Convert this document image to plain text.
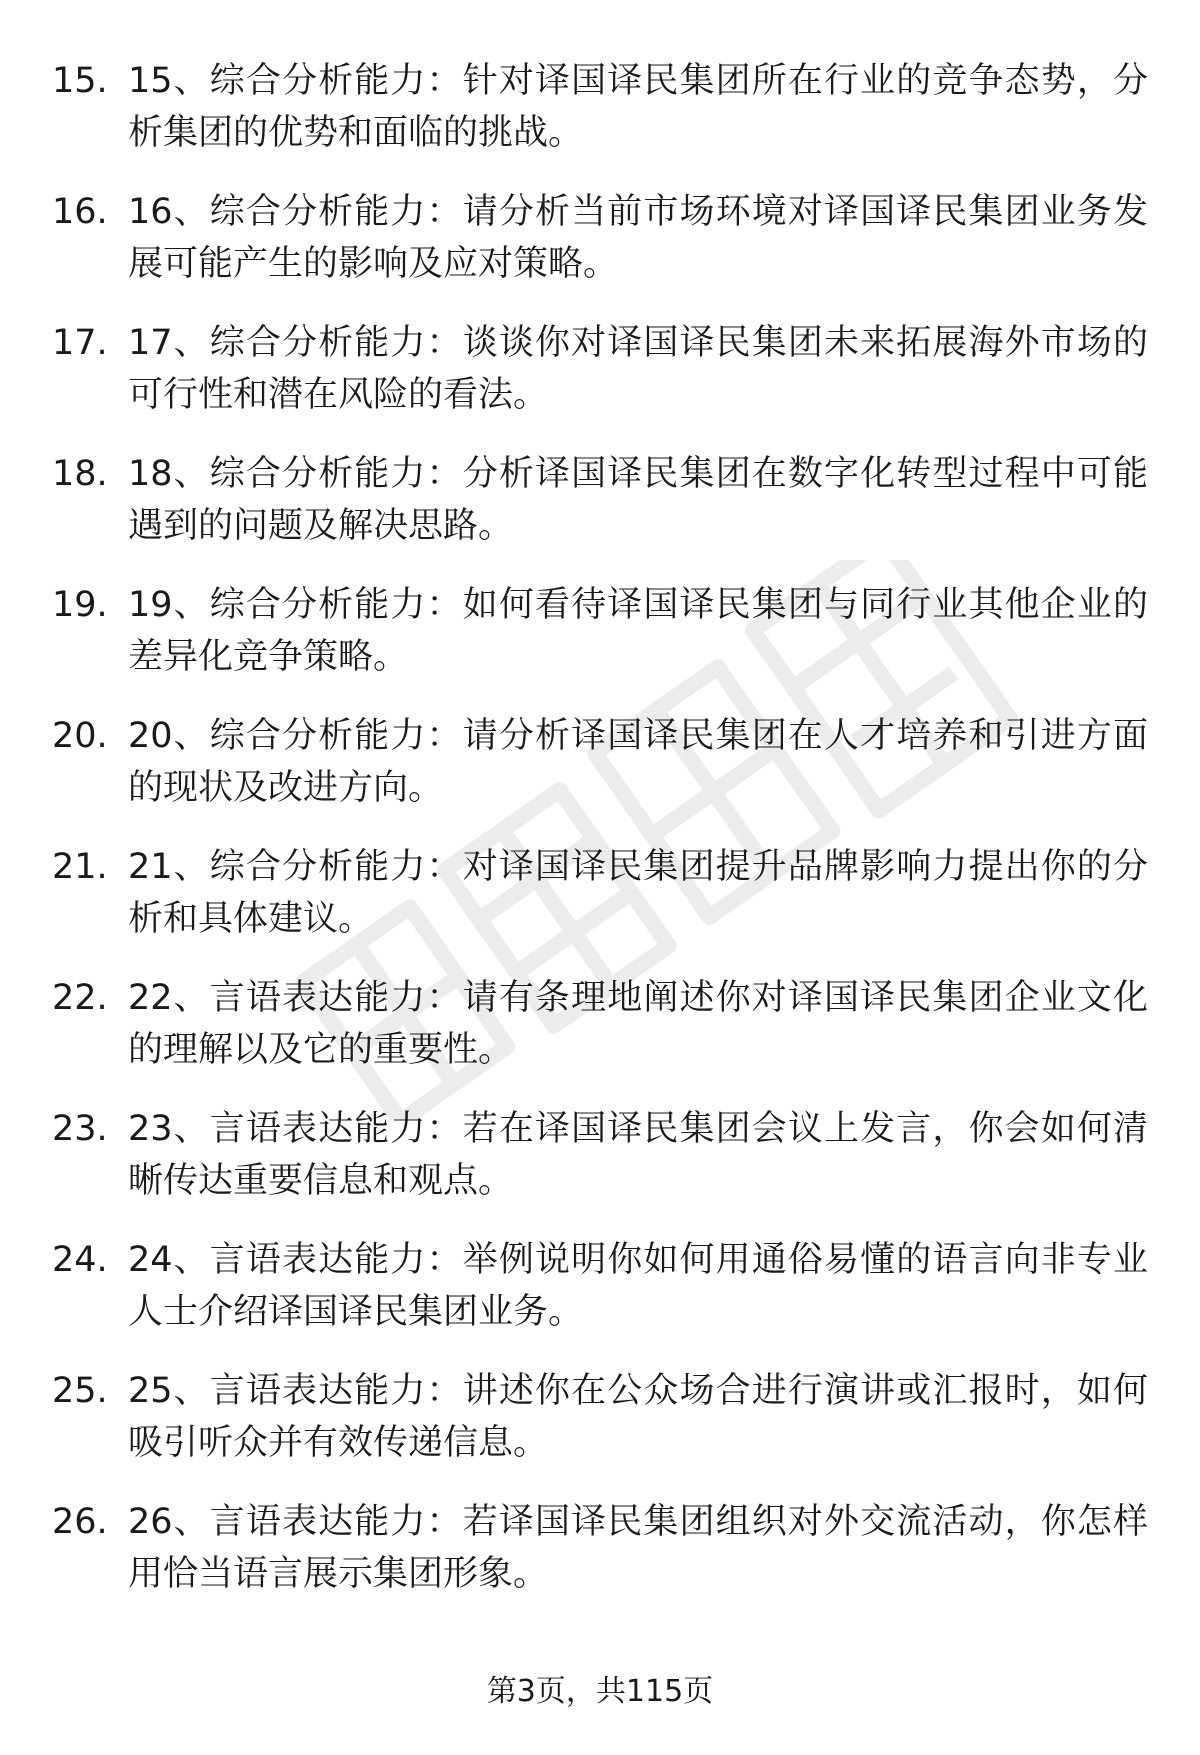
15. 15、综合分析能力：针对译国译民集团所在行业的竞争态势，分析集团的优势和面临的挑战。
16. 16、综合分析能力：请分析当前市场环境对译国译民集团业务发展可能产生的影响及应对策略。
17. 17、综合分析能力：谈谈你对译国译民集团未来拓展海外市场的可行性和潜在风险的看法。
18. 18、综合分析能力：分析译国译民集团在数字化转型过程中可能遇到的问题及解决思路。
19. 19、综合分析能力：如何看待译国译民集团与同行业其他企业的差异化竞争策略。
20. 20、综合分析能力：请分析译国译民集团在人才培养和引进方面的现状及改进方向。
21. 21、综合分析能力：对译国译民集团提升品牌影响力提出你的分析和具体建议。
22. 22、言语表达能力：请有条理地阐述你对译国译民集团企业文化的理解以及它的重要性。
23. 23、言语表达能力：若在译国译民集团会议上发言，你会如何清晰传达重要信息和观点。
24. 24、言语表达能力：举例说明你如何用通俗易懂的语言向非专业人士介绍译国译民集团业务。
25. 25、言语表达能力：讲述你在公众场合进行演讲或汇报时，如何吸引听众并有效传递信息。
26. 26、言语表达能力：若译国译民集团组织对外交流活动，你怎样用恰当语言展示集团形象。
第3页，共115页
